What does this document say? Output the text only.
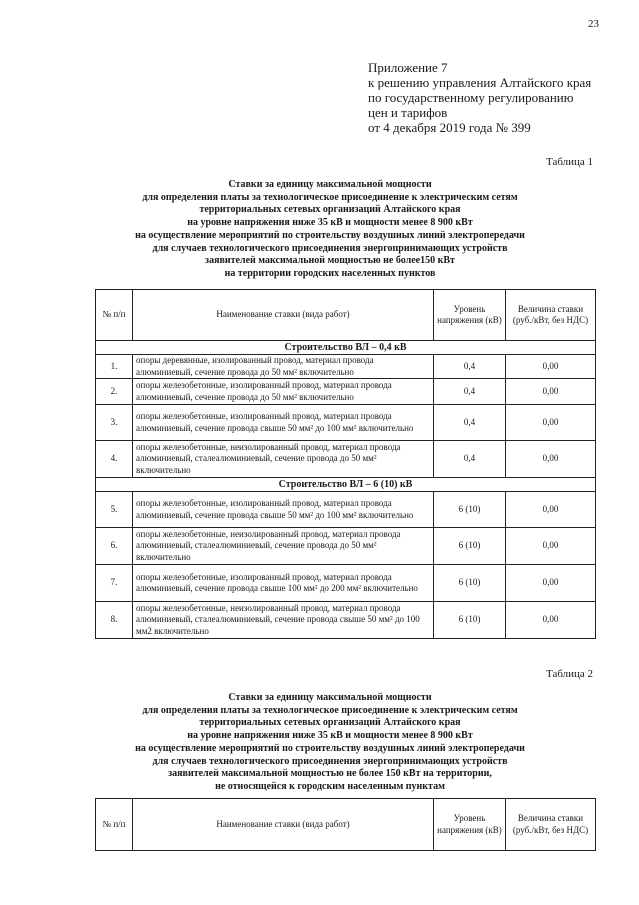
23
Приложение 7
к решению управления Алтайского края
по государственному регулированию
цен и тарифов
от 4 декабря 2019 года № 399
Таблица 1
Ставки за единицу максимальной мощности
для определения платы за технологическое присоединение к электрическим сетям
территориальных сетевых организаций Алтайского края
на уровне напряжения ниже 35 кВ и мощности менее 8 900 кВт
на осуществление мероприятий по строительству воздушных линий электропередачи
для случаев технологического присоединения энергопринимающих устройств
заявителей максимальной мощностью не более150 кВт
на территории городских населенных пунктов
№ п/п	Наименование ставки (вида работ)	Уровень напряжения (кВ)	Величина ставки (руб./кВт, без НДС)
Строительство ВЛ – 0,4 кВ			
1.	опоры деревянные, изолированный провод, материал провода алюминиевый, сечение провода до 50 мм² включительно	0,4	0,00
2.	опоры железобетонные, изолированный провод, материал провода алюминиевый, сечение провода до 50 мм² включительно	0,4	0,00
3.	опоры железобетонные, изолированный провод, материал провода алюминиевый, сечение провода свыше 50 мм² до 100 мм² включительно	0,4	0,00
4.	опоры железобетонные, неизолированный провод, материал провода алюминиевый, сталеалюминиевый, сечение провода до 50 мм² включительно	0,4	0,00
Строительство ВЛ – 6 (10) кВ			
5.	опоры железобетонные, изолированный провод, материал провода алюминиевый, сечение провода свыше 50 мм² до 100 мм² включительно	6 (10)	0,00
6.	опоры железобетонные, неизолированный провод, материал провода алюминиевый, сталеалюминиевый, сечение провода до 50 мм² включительно	6 (10)	0,00
7.	опоры железобетонные, изолированный провод, материал провода алюминиевый, сечение провода свыше 100 мм² до 200 мм² включительно	6 (10)	0,00
8.	опоры железобетонные, неизолированный провод, материал провода алюминиевый, сталеалюминиевый, сечение провода свыше 50 мм² до 100 мм2 включительно	6 (10)	0,00
Таблица 2
Ставки за единицу максимальной мощности
для определения платы за технологическое присоединение к электрическим сетям
территориальных сетевых организаций Алтайского края
на уровне напряжения ниже 35 кВ и мощности менее 8 900 кВт
на осуществление мероприятий по строительству воздушных линий электропередачи
для случаев технологического присоединения энергопринимающих устройств
заявителей максимальной мощностью не более 150 кВт на территории,
не относящейся к городским населенным пунктам
№ п/п	Наименование ставки (вида работ)	Уровень напряжения (кВ)	Величина ставки (руб./кВт, без НДС)
